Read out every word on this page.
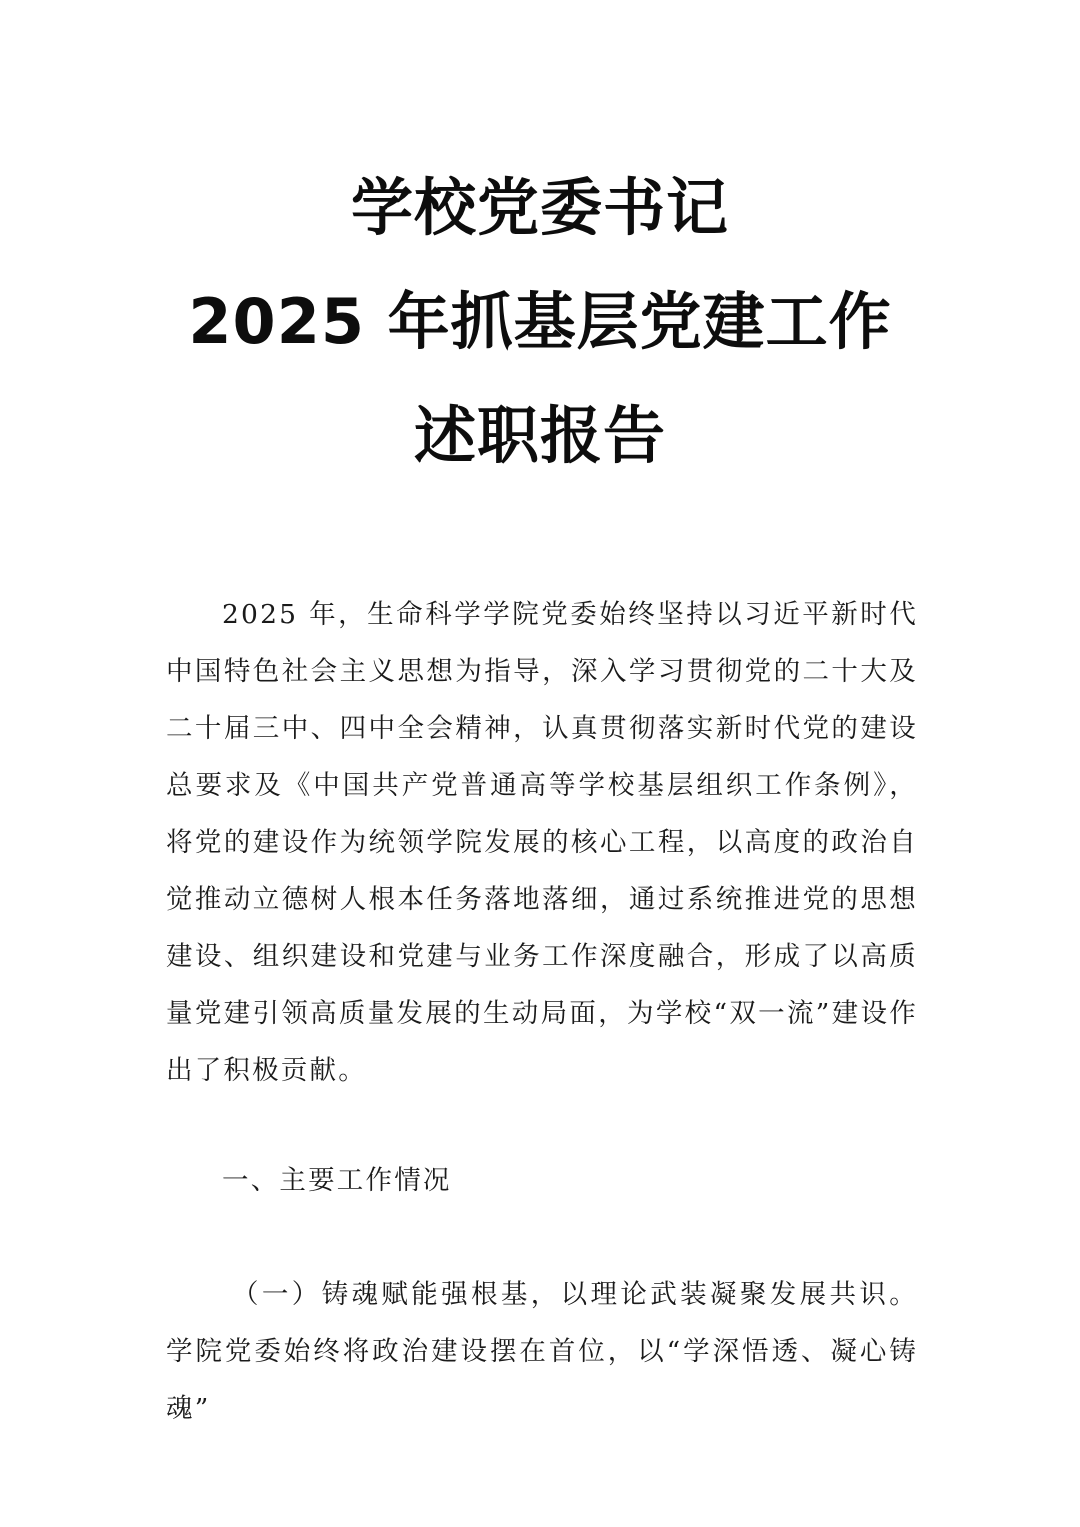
学校党委书记
2025 年抓基层党建工作
述职报告
2025 年，生命科学学院党委始终坚持以习近平新时代中国特色社会主义思想为指导，深入学习贯彻党的二十大及二十届三中、四中全会精神，认真贯彻落实新时代党的建设总要求及《中国共产党普通高等学校基层组织工作条例》，将党的建设作为统领学院发展的核心工程，以高度的政治自觉推动立德树人根本任务落地落细，通过系统推进党的思想建设、组织建设和党建与业务工作深度融合，形成了以高质量党建引领高质量发展的生动局面，为学校“双一流”建设作出了积极贡献。
一、主要工作情况
（一）铸魂赋能强根基，以理论武装凝聚发展共识。学院党委始终将政治建设摆在首位，以“学深悟透、凝心铸魂”
